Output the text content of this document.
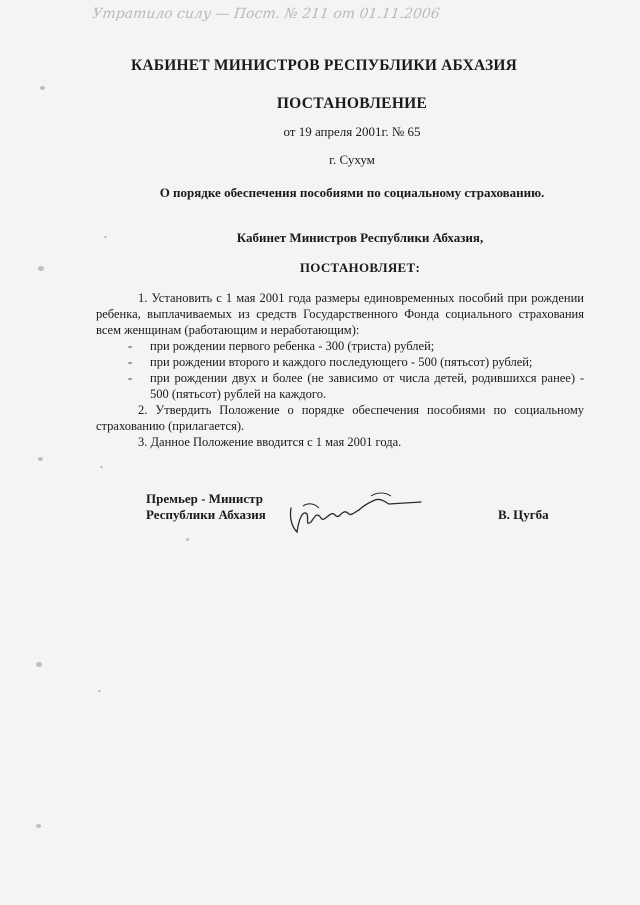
Утратило силу — Пост. № 211 от 01.11.2006
КАБИНЕТ МИНИСТРОВ РЕСПУБЛИКИ АБХАЗИЯ
ПОСТАНОВЛЕНИЕ
от 19 апреля 2001г. № 65
г. Сухум
О порядке обеспечения пособиями по социальному страхованию.
Кабинет Министров Республики Абхазия,
ПОСТАНОВЛЯЕТ:

1. Установить с 1 мая 2001 года размеры единовременных пособий при рождении ребенка, выплачиваемых из средств Государственного Фонда социального страхования всем женщинам (работающим и неработающим):

- при рождении первого ребенка - 300 (триста) рублей;
- при рождении второго и каждого последующего - 500 (пятьсот) рублей;
- при рождении двух и более (не зависимо от числа детей, родившихся ранее) - 500 (пятьсот) рублей на каждого.

2. Утвердить Положение о порядке обеспечения пособиями по социальному страхованию (прилагается).

3. Данное Положение вводится с 1 мая 2001 года.

Премьер - Министр
Республики Абхазия	В. Цугба
